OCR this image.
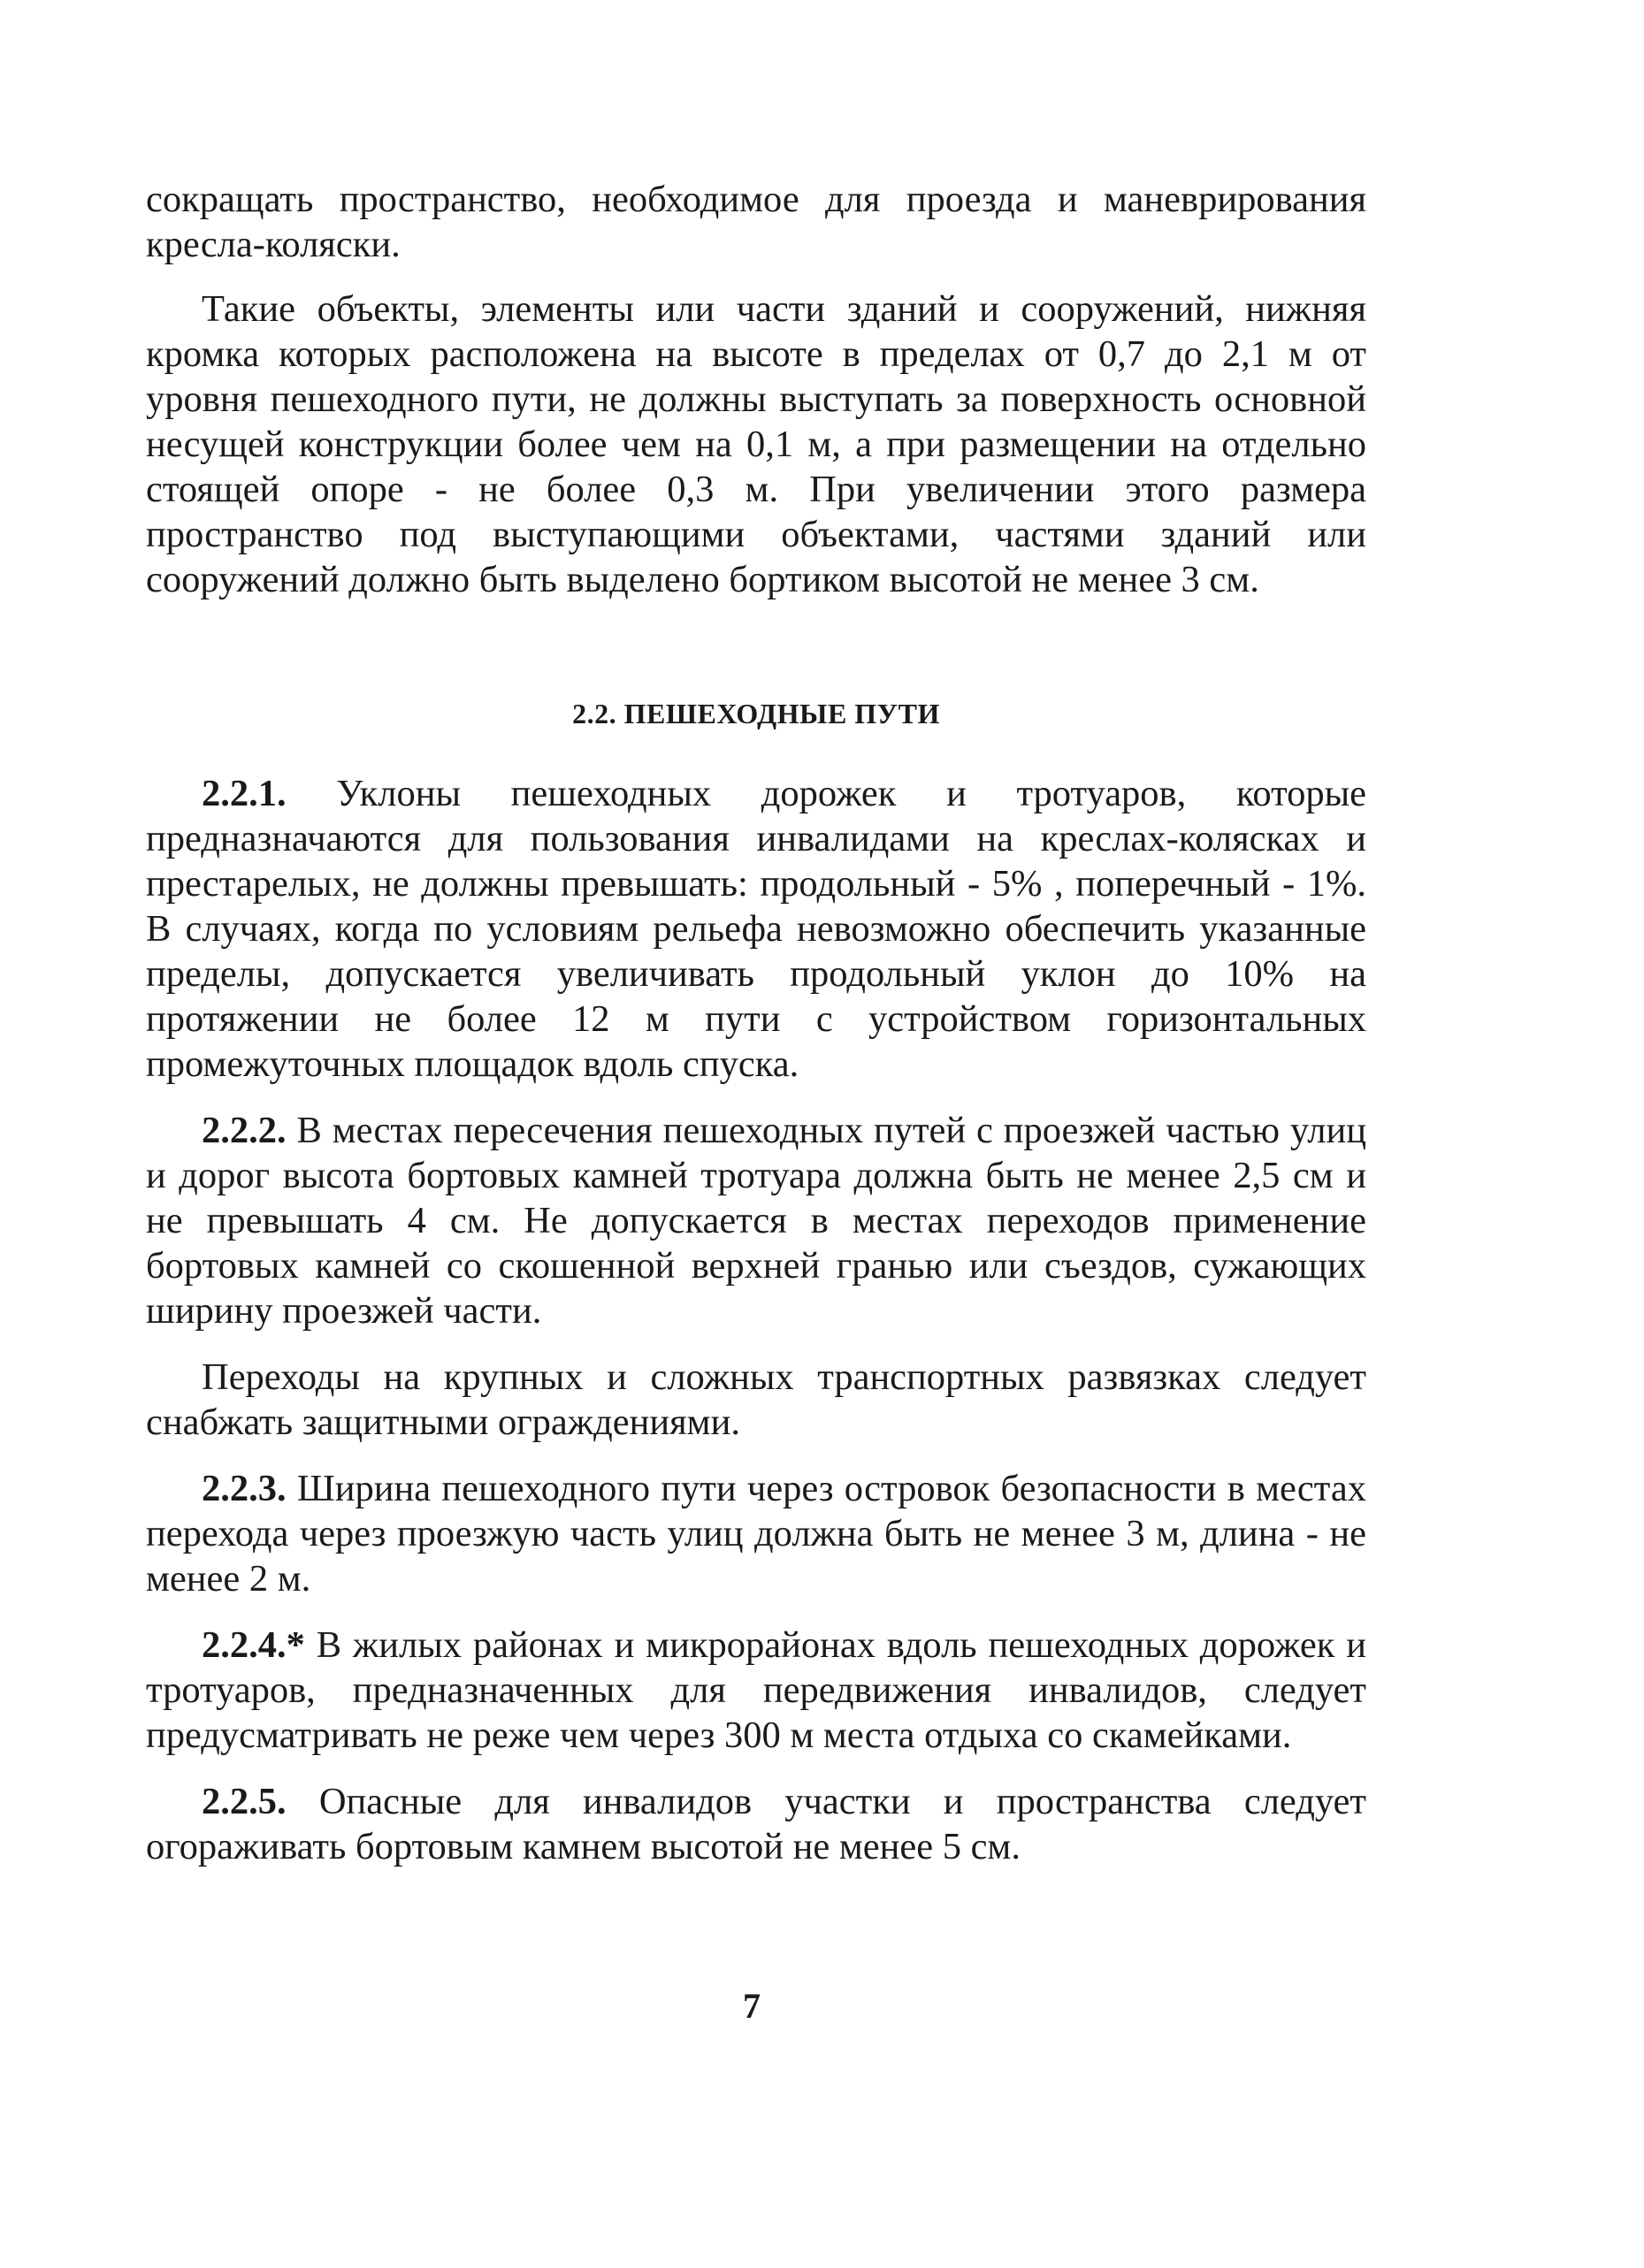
сокращать пространство, необходимое для проезда и маневрирования кресла-коляски.

Такие объекты, элементы или части зданий и сооружений, нижняя кромка которых расположена на высоте в пределах от 0,7 до 2,1 м от уровня пешеходного пути, не должны выступать за поверхность основной несущей конструкции более чем на 0,1 м, а при размещении на отдельно стоящей опоре - не более 0,3 м. При увеличении этого размера пространство под выступающими объектами, частями зданий или сооружений должно быть выделено бортиком высотой не менее 3 см.

2.2. ПЕШЕХОДНЫЕ ПУТИ

2.2.1. Уклоны пешеходных дорожек и тротуаров, которые предназначаются для пользования инвалидами на креслах-колясках и престарелых, не должны превышать: продольный - 5% , поперечный - 1%. В случаях, когда по условиям рельефа невозможно обеспечить указанные пределы, допускается увеличивать продольный уклон до 10% на протяжении не более 12 м пути с устройством горизонтальных промежуточных площадок вдоль спуска.

2.2.2. В местах пересечения пешеходных путей с проезжей частью улиц и дорог высота бортовых камней тротуара должна быть не менее 2,5 см и не превышать 4 см. Не допускается в местах переходов применение бортовых камней со скошенной верхней гранью или съездов, сужающих ширину проезжей части.

Переходы на крупных и сложных транспортных развязках следует снабжать защитными ограждениями.

2.2.3. Ширина пешеходного пути через островок безопасности в местах перехода через проезжую часть улиц должна быть не менее 3 м, длина - не менее 2 м.

2.2.4.* В жилых районах и микрорайонах вдоль пешеходных дорожек и тротуаров, предназначенных для передвижения инвалидов, следует предусматривать не реже чем через 300 м места отдыха со скамейками.

2.2.5. Опасные для инвалидов участки и пространства следует огораживать бортовым камнем высотой не менее 5 см.

7
